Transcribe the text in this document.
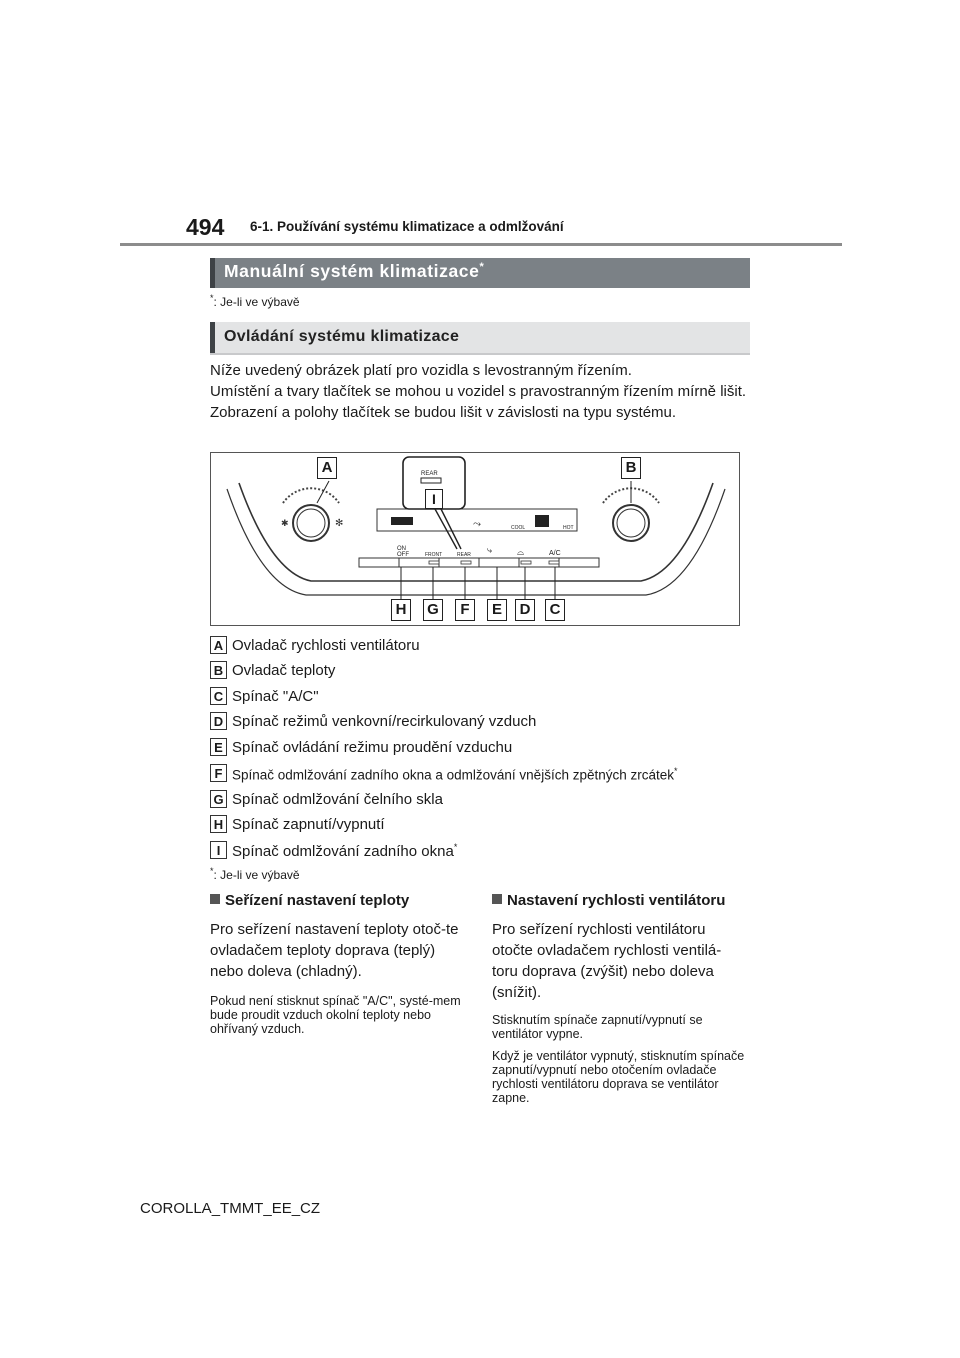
494 6-1. Používání systému klimatizace a odmlžování
Manuální systém klimatizace*
*: Je-li ve výbavě
Ovládání systému klimatizace

Níže uvedený obrázek platí pro vozidla s levostranným řízením.

Umístění a tvary tlačítek se mohou u vozidel s pravostranným řízením mírně lišit.

Zobrazení a polohy tlačítek se budou lišit v závislosti na typu systému.

COOL	HOT
⤳
✱	✻
ON
OFF	FRONT	REAR	A/C
⌓
⤷
REAR
A	B
I
H	G	F	E	D	C
A Ovladač rychlosti ventilátoru
B Ovladač teploty
C Spínač "A/C"
D Spínač režimů venkovní/recirkulovaný vzduch
E Spínač ovládání režimu proudění vzduchu
F Spínač odmlžování zadního okna a odmlžování vnějších zpětných zrcátek*
G Spínač odmlžování čelního skla
H Spínač zapnutí/vypnutí
I Spínač odmlžování zadního okna*
*: Je-li ve výbavě
Seřízení nastavení teploty

Pro seřízení nastavení teploty otoč-te ovladačem teploty doprava (teplý) nebo doleva (chladný).

Pokud není stisknut spínač "A/C", systé-mem bude proudit vzduch okolní teploty nebo ohřívaný vzduch.

Nastavení rychlosti ventilátoru

Pro seřízení rychlosti ventilátoru otočte ovladačem rychlosti ventilá-toru doprava (zvýšit) nebo doleva (snížit).

Stisknutím spínače zapnutí/vypnutí se ventilátor vypne.

Když je ventilátor vypnutý, stisknutím spínače zapnutí/vypnutí nebo otočením ovladače rychlosti ventilátoru doprava se ventilátor zapne.

COROLLA_TMMT_EE_CZ
